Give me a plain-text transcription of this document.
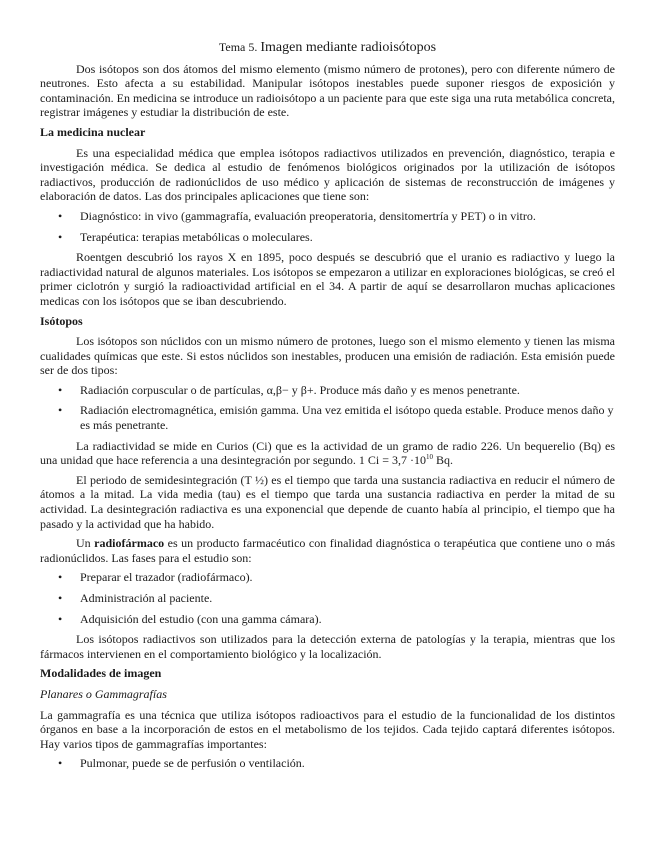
Tema 5. Imagen mediante radioisótopos

Dos isótopos son dos átomos del mismo elemento (mismo número de protones), pero con diferente número de neutrones. Esto afecta a su estabilidad. Manipular isótopos inestables puede suponer riesgos de exposición y contaminación. En medicina se introduce un radioisótopo a un paciente para que este siga una ruta metabólica concreta, registrar imágenes y estudiar la distribución de este.

La medicina nuclear

Es una especialidad médica que emplea isótopos radiactivos utilizados en prevención, diagnóstico, terapia e investigación médica. Se dedica al estudio de fenómenos biológicos originados por la utilización de isótopos radiactivos, producción de radionúclidos de uso médico y aplicación de sistemas de reconstrucción de imágenes y elaboración de datos. Las dos principales aplicaciones que tiene son:

• Diagnóstico: in vivo (gammagrafía, evaluación preoperatoria, densitomertría y PET) o in vitro.
• Terapéutica: terapias metabólicas o moleculares.

Roentgen descubrió los rayos X en 1895, poco después se descubrió que el uranio es radiactivo y luego la radiactividad natural de algunos materiales. Los isótopos se empezaron a utilizar en exploraciones biológicas, se creó el primer ciclotrón y surgió la radioactividad artificial en el 34. A partir de aquí se desarrollaron muchas aplicaciones medicas con los isótopos que se iban descubriendo.

Isótopos

Los isótopos son núclidos con un mismo número de protones, luego son el mismo elemento y tienen las misma cualidades químicas que este. Si estos núclidos son inestables, producen una emisión de radiación. Esta emisión puede ser de dos tipos:

• Radiación corpuscular o de partículas, α,β− y β+. Produce más daño y es menos penetrante.
• Radiación electromagnética, emisión gamma. Una vez emitida el isótopo queda estable. Produce menos daño y es más penetrante.

La radiactividad se mide en Curios (Ci) que es la actividad de un gramo de radio 226. Un bequerelio (Bq) es una unidad que hace referencia a una desintegración por segundo. 1 $Ci = 3,7 \cdot 10^{10}$ Bq.

El periodo de semidesintegración (T ½) es el tiempo que tarda una sustancia radiactiva en reducir el número de átomos a la mitad. La vida media (tau) es el tiempo que tarda una sustancia radiactiva en perder la mitad de su actividad. La desintegración radiactiva es una exponencial que depende de cuanto había al principio, el tiempo que ha pasado y la actividad que ha habido.

Un radiofármaco es un producto farmacéutico con finalidad diagnóstica o terapéutica que contiene uno o más radionúclidos. Las fases para el estudio son:

• Preparar el trazador (radiofármaco).
• Administración al paciente.
• Adquisición del estudio (con una gamma cámara).

Los isótopos radiactivos son utilizados para la detección externa de patologías y la terapia, mientras que los fármacos intervienen en el comportamiento biológico y la localización.

Modalidades de imagen
Planares o Gammagrafías

La gammagrafía es una técnica que utiliza isótopos radioactivos para el estudio de la funcionalidad de los distintos órganos en base a la incorporación de estos en el metabolismo de los tejidos. Cada tejido captará diferentes isótopos. Hay varios tipos de gammagrafías importantes:

• Pulmonar, puede se de perfusión o ventilación.
